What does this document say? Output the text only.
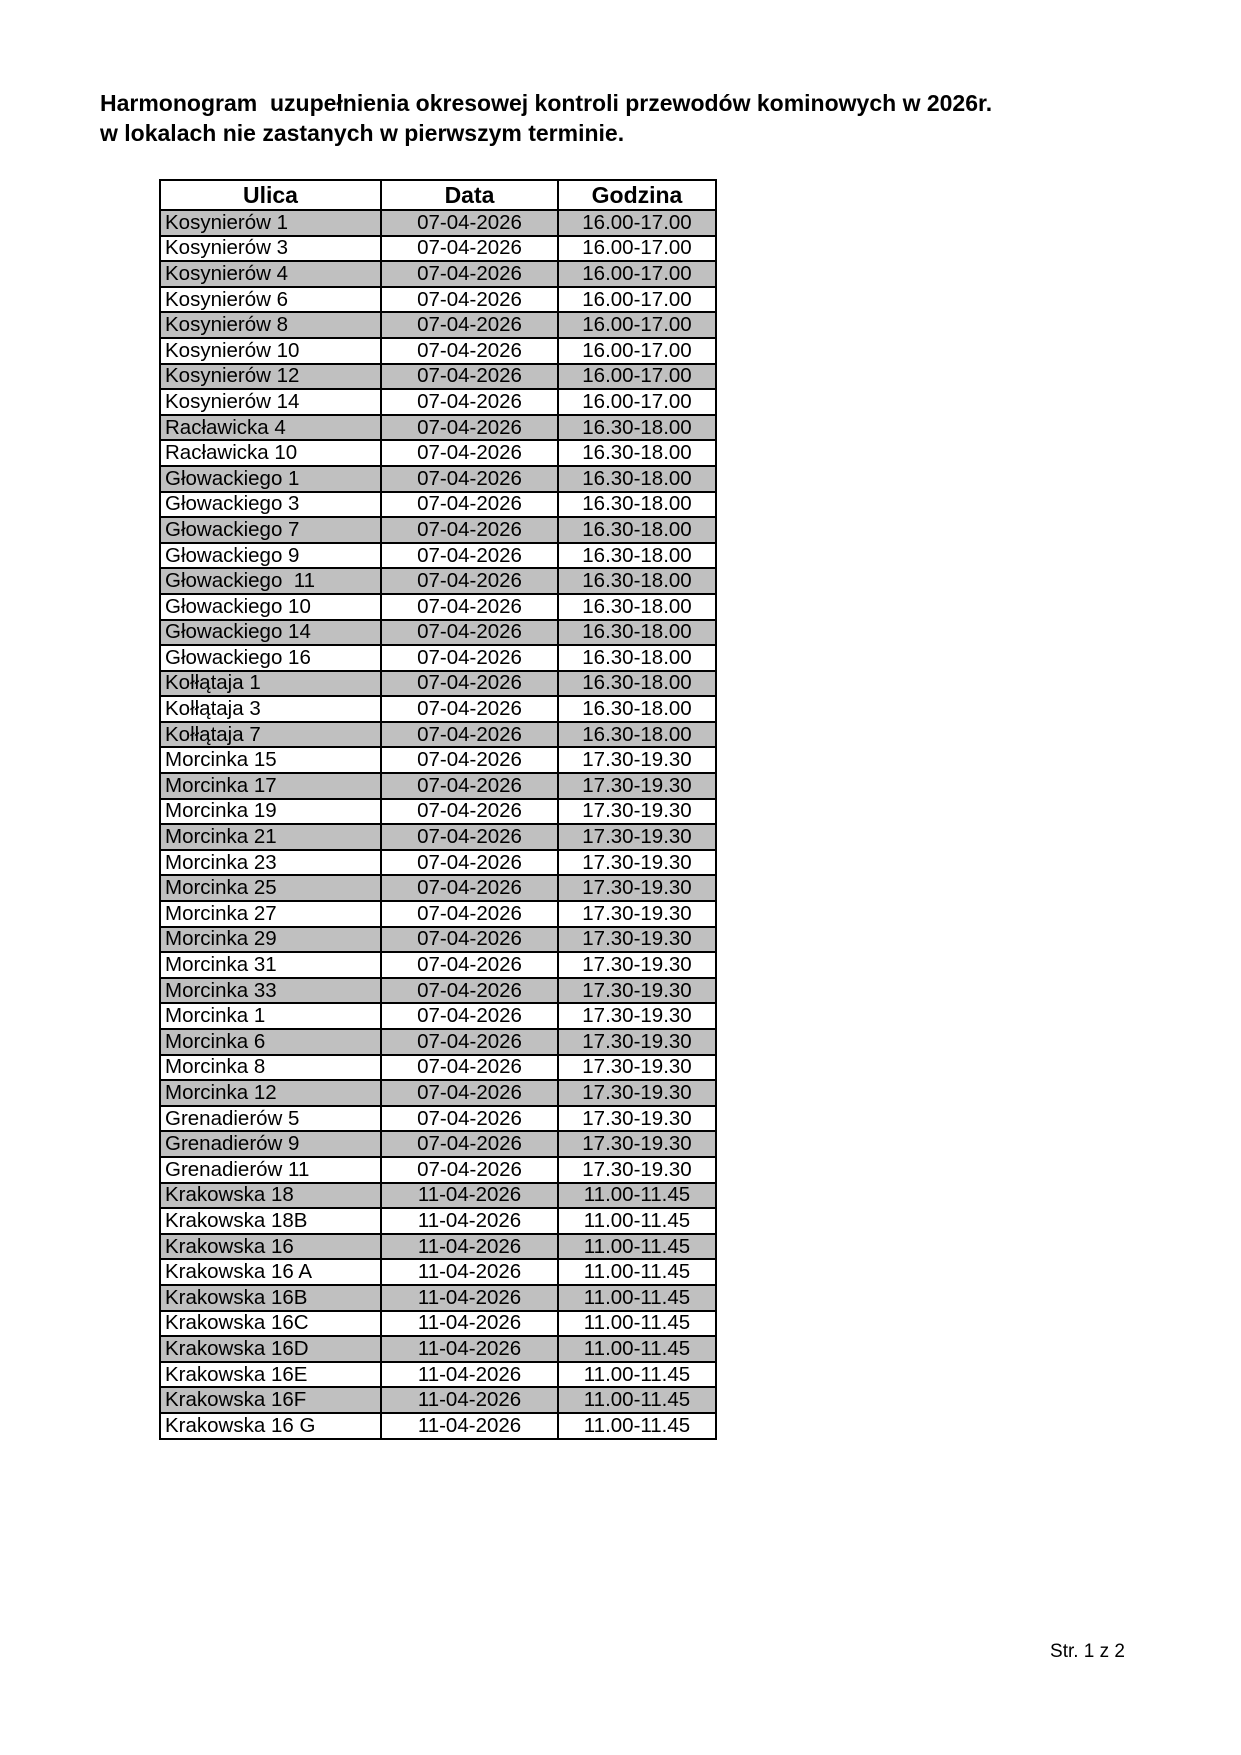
Harmonogram  uzupełnienia okresowej kontroli przewodów kominowych w 2026r.
w lokalach nie zastanych w pierwszym terminie.
Ulica	Data	Godzina
Kosynierów 1	07-04-2026	16.00-17.00
Kosynierów 3	07-04-2026	16.00-17.00
Kosynierów 4	07-04-2026	16.00-17.00
Kosynierów 6	07-04-2026	16.00-17.00
Kosynierów 8	07-04-2026	16.00-17.00
Kosynierów 10	07-04-2026	16.00-17.00
Kosynierów 12	07-04-2026	16.00-17.00
Kosynierów 14	07-04-2026	16.00-17.00
Racławicka 4	07-04-2026	16.30-18.00
Racławicka 10	07-04-2026	16.30-18.00
Głowackiego 1	07-04-2026	16.30-18.00
Głowackiego 3	07-04-2026	16.30-18.00
Głowackiego 7	07-04-2026	16.30-18.00
Głowackiego 9	07-04-2026	16.30-18.00
Głowackiego  11	07-04-2026	16.30-18.00
Głowackiego 10	07-04-2026	16.30-18.00
Głowackiego 14	07-04-2026	16.30-18.00
Głowackiego 16	07-04-2026	16.30-18.00
Kołłątaja 1	07-04-2026	16.30-18.00
Kołłątaja 3	07-04-2026	16.30-18.00
Kołłątaja 7	07-04-2026	16.30-18.00
Morcinka 15	07-04-2026	17.30-19.30
Morcinka 17	07-04-2026	17.30-19.30
Morcinka 19	07-04-2026	17.30-19.30
Morcinka 21	07-04-2026	17.30-19.30
Morcinka 23	07-04-2026	17.30-19.30
Morcinka 25	07-04-2026	17.30-19.30
Morcinka 27	07-04-2026	17.30-19.30
Morcinka 29	07-04-2026	17.30-19.30
Morcinka 31	07-04-2026	17.30-19.30
Morcinka 33	07-04-2026	17.30-19.30
Morcinka 1	07-04-2026	17.30-19.30
Morcinka 6	07-04-2026	17.30-19.30
Morcinka 8	07-04-2026	17.30-19.30
Morcinka 12	07-04-2026	17.30-19.30
Grenadierów 5	07-04-2026	17.30-19.30
Grenadierów 9	07-04-2026	17.30-19.30
Grenadierów 11	07-04-2026	17.30-19.30
Krakowska 18	11-04-2026	11.00-11.45
Krakowska 18B	11-04-2026	11.00-11.45
Krakowska 16	11-04-2026	11.00-11.45
Krakowska 16 A	11-04-2026	11.00-11.45
Krakowska 16B	11-04-2026	11.00-11.45
Krakowska 16C	11-04-2026	11.00-11.45
Krakowska 16D	11-04-2026	11.00-11.45
Krakowska 16E	11-04-2026	11.00-11.45
Krakowska 16F	11-04-2026	11.00-11.45
Krakowska 16 G	11-04-2026	11.00-11.45
Str. 1 z 2
